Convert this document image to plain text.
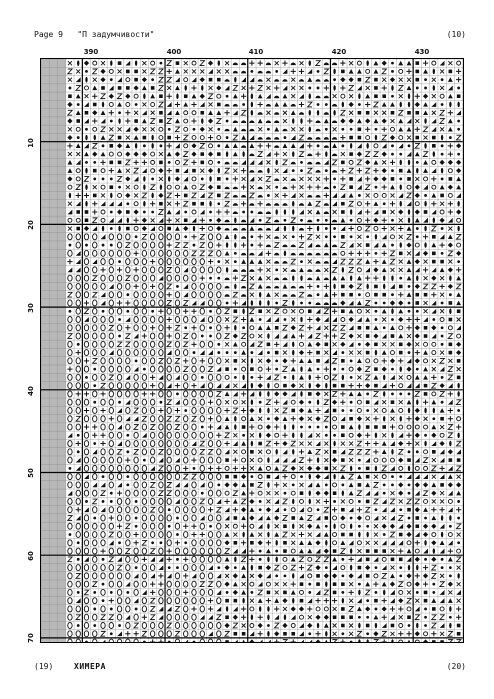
Page 9 "П задумчивости"	(10)
390	400	410	420	430
10
20
30
40
50
60
70
(19)	ХИМЕРА	(20)
